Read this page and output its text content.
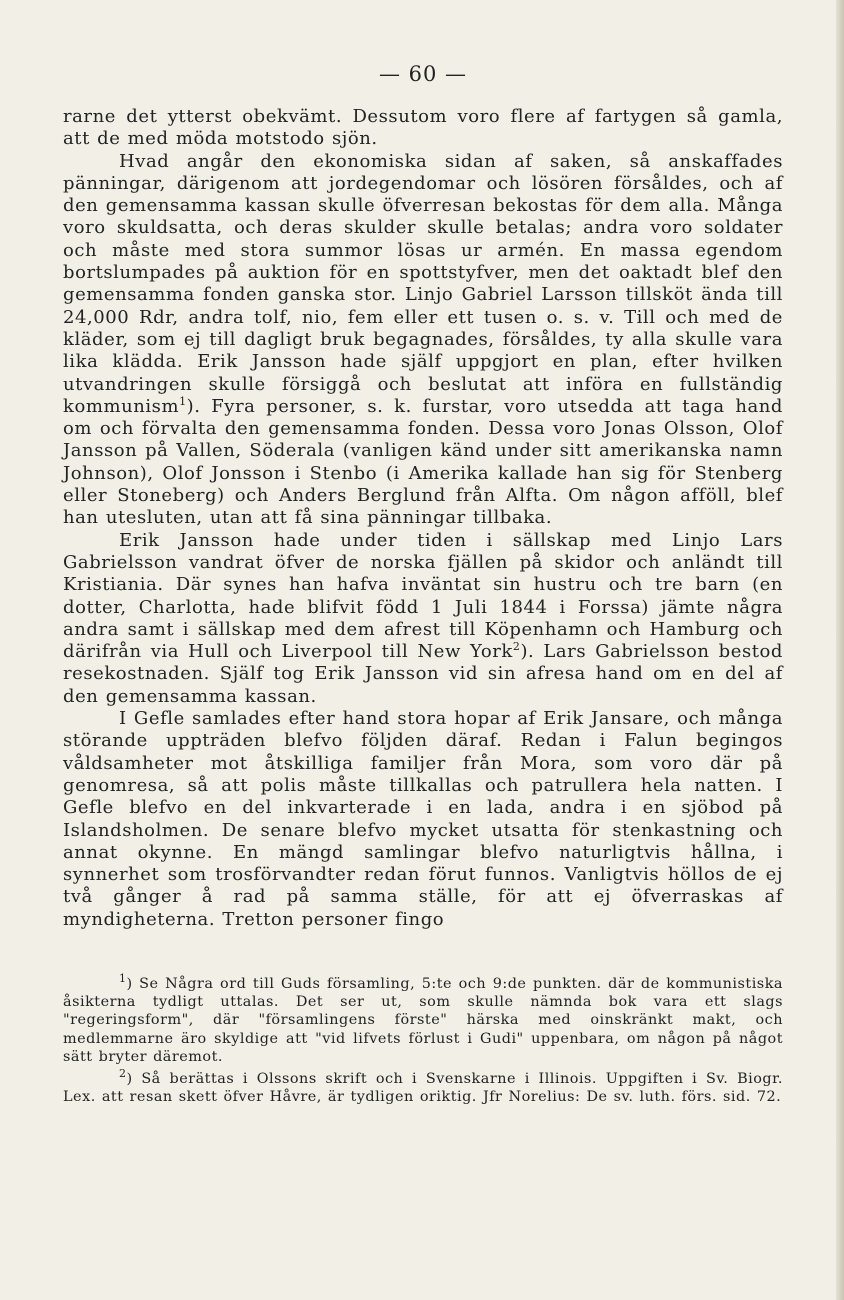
— 60 —

rarne det ytterst obekvämt. Dessutom voro flere af fartygen så gamla, att de med möda motstodo sjön.

Hvad angår den ekonomiska sidan af saken, så anskaffades pänningar, därigenom att jordegendomar och lösören försåldes, och af den gemensamma kassan skulle öfverresan bekostas för dem alla. Många voro skuldsatta, och deras skulder skulle betalas; andra voro soldater och måste med stora summor lösas ur armén. En massa egendom bortslumpades på auktion för en spottstyfver, men det oaktadt blef den gemensamma fonden ganska stor. Linjo Gabriel Larsson tillsköt ända till 24,000 Rdr, andra tolf, nio, fem eller ett tusen o. s. v. Till och med de kläder, som ej till dagligt bruk begagnades, försåldes, ty alla skulle vara lika klädda. Erik Jansson hade själf uppgjort en plan, efter hvilken utvandringen skulle försiggå och beslutat att införa en fullständig kommunism$^1$). Fyra personer, s. k. furstar, voro utsedda att taga hand om och förvalta den gemensamma fonden. Dessa voro Jonas Olsson, Olof Jansson på Vallen, Söderala (vanligen känd under sitt amerikanska namn Johnson), Olof Jonsson i Stenbo (i Amerika kallade han sig för Stenberg eller Stoneberg) och Anders Berglund från Alfta. Om någon afföll, blef han utesluten, utan att få sina pänningar tillbaka.

Erik Jansson hade under tiden i sällskap med Linjo Lars Gabrielsson vandrat öfver de norska fjällen på skidor och anländt till Kristiania. Där synes han hafva inväntat sin hustru och tre barn (en dotter, Charlotta, hade blifvit född 1 Juli 1844 i Forssa) jämte några andra samt i sällskap med dem afrest till Köpenhamn och Hamburg och därifrån via Hull och Liverpool till New York$^2$). Lars Gabrielsson bestod resekostnaden. Själf tog Erik Jansson vid sin afresa hand om en del af den gemensamma kassan.

I Gefle samlades efter hand stora hopar af Erik Jansare, och många störande uppträden blefvo följden däraf. Redan i Falun begingos våldsamheter mot åtskilliga familjer från Mora, som voro där på genomresa, så att polis måste tillkallas och patrullera hela natten. I Gefle blefvo en del inkvarterade i en lada, andra i en sjöbod på Islandsholmen. De senare blefvo mycket utsatta för stenkastning och annat okynne. En mängd samlingar blefvo naturligtvis hållna, i synnerhet som trosförvandter redan förut funnos. Vanligtvis höllos de ej två gånger å rad på samma ställe, för att ej öfverraskas af myndigheterna. Tretton personer fingo

$^1$) Se Några ord till Guds församling, 5:te och 9:de punkten. där de kommunistiska åsikterna tydligt uttalas. Det ser ut, som skulle nämnda bok vara ett slags "regeringsform", där "församlingens förste" härska med oinskränkt makt, och medlemmarne äro skyldige att "vid lifvets förlust i Gudi" uppenbara, om någon på något sätt bryter däremot.

$^2$) Så berättas i Olssons skrift och i Svenskarne i Illinois. Uppgiften i Sv. Biogr. Lex. att resan skett öfver Håvre, är tydligen oriktig. Jfr Norelius: De sv. luth. förs. sid. 72.
